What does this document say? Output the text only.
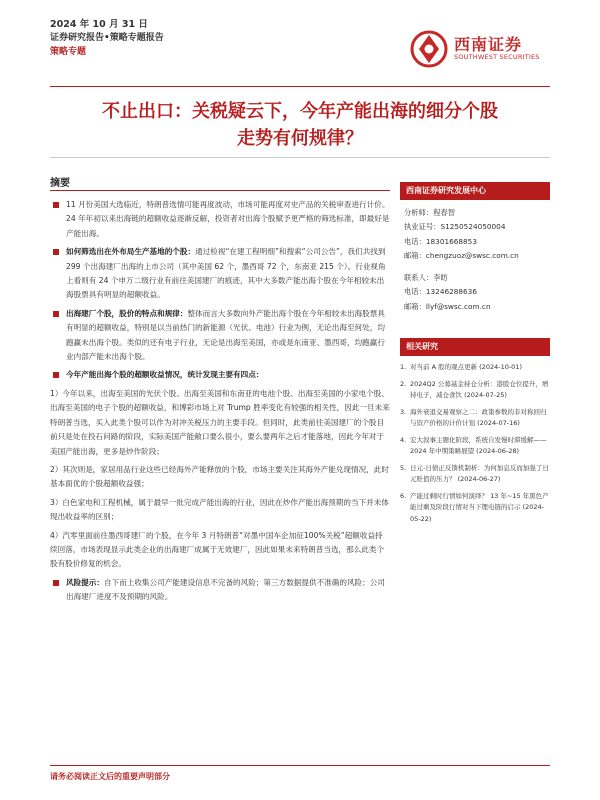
2024 年 10 月 31 日
证券研究报告•策略专题报告
策略专题	西南证券
SOUTHWEST SECURITIES
不止出口：关税疑云下，今年产能出海的细分个股
走势有何规律？
摘要
11 月份美国大选临近，特朗普选情可能再度波动，市场可能再度对史产品的关税审查进行计价。24 年年初以来出海链的超额收益逐渐反解，投资者对出海个股赋予更严格的筛选标准，即最好是产能出海。
如何筛选出在外布局生产基地的个股：通过检视“在建工程明细”和搜索“公司公告”，我们共找到 299 个出海建厂出海的上市公司（其中美国 62 个，墨西哥 72 个，东南亚 215 个）。行业视角上看则有 24 个申万二级行业有前往美国建厂的痕迹，其中大多数产能出海个股在今年相较未出海股票具有明显的超额收益。
出海建厂个股，股价的特点和规律：整体而言大多数向外产能出海个股在今年相较未出海股票具有明显的超额收益，特别是以当前热门的新能源（光伏、电池）行业为例，无论出海至何处，均跑赢未出海个股。类似的还有电子行业，无论是出海至美国，亦或是东南亚、墨西哥，均跑赢行业内部产能未出海个股。
今年产能出海个股的超额收益情况，统计发现主要有四点：
1）今年以来，出海至美国的光伏个股、出海至美国和东南亚的电池个股、出海至美国的小家电个股、出海至美国的电子个股的超额收益，和博彩市场上对 Trump 胜率变化有较强的相关性，因此一旦未来特朗普当选，买入此类个股可以作为对冲关税压力的主要手段。但同时，此类前往美国建厂的个股目前只是处在投石问路的阶段，实际美国产能敞口要么很小，要么要两年之后才能落地，因此今年对于美国产能出海，更多是炒作阶段；
2）其次则是，家居用品行业这些已经海外产能释放的个股，市场主要关注其海外产能兑现情况，此时基本面优的个股超额收益强；
3）白色家电和工程机械，属于最早一批完成产能出海的行业，因此在炒作产能出海预期的当下并未体现出收益率的区别；
4）汽零里面前往墨西哥建厂的个股，在今年 3 月特朗普“对墨中国车企加征100%关税”超额收益持续回落，市场表现显示此类企业的出海建厂成属于无效建厂，因此如果未来特朗普当选，那么此类个股有股价修复的机会。
风险提示：自下而上收集公司产能建设信息不完备的风险；第三方数据提供不准确的风险；公司出海建厂进度不及预期的风险。
西南证券研究发展中心
分析师：程春智
执业证号：S1250524050004
电话：18301668853
邮箱：chengzuoz@swsc.com.cn
联系人：李昉
电话：13246288636
邮箱：llyf@swsc.com.cn
相关研究
1. 对当前 A 股的观点更新 (2024-10-01)
2. 2024Q2 公募基金持仓分析：港股仓位提升，增持电子，减仓食饮 (2024-07-25)
3. 海外衰退交易观察之二：政策参数的非对称回归与资产价格的计价计划 (2024-07-16)
4. 宏大叙事主题化阶段，系统自发慢时滞缓解——2024 年中期策略展望 (2024-06-28)
5. 日元-日债正反馈机制析：为何加息反而加强了日元贬值的压力？ (2024-06-27)
6. 产能过剩时行情如何演绎？ 13 年~15 年黑色产能过剩及阶段行情对当下锂电链的启示 (2024-05-22)
请务必阅读正文后的重要声明部分
